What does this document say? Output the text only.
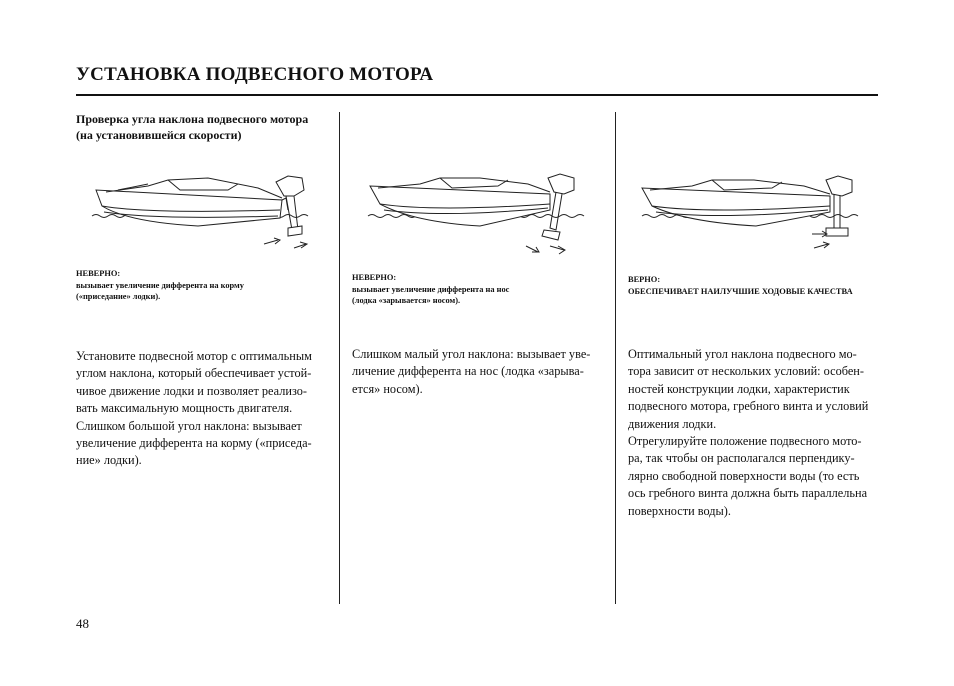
УСТАНОВКА ПОДВЕСНОГО МОТОРА
Проверка угла наклона подвесного мотора
(на установившейся скорости)
НЕВЕРНО:
вызывает увеличение дифферента на корму
(«приседание» лодки).
НЕВЕРНО:
вызывает увеличение дифферента на нос
(лодка «зарывается» носом).
ВЕРНО:
ОБЕСПЕЧИВАЕТ НАИЛУЧШИЕ ХОДОВЫЕ КАЧЕСТВА
Установите подвесной мотор с оптимальным
углом наклона, который обеспечивает устой-
чивое движение лодки и позволяет реализо-
вать максимальную мощность двигателя.
Слишком большой угол наклона: вызывает
увеличение дифферента на корму («приседа-
ние» лодки).
Слишком малый угол наклона: вызывает уве-
личение дифферента на нос (лодка «зарыва-
ется» носом).
Оптимальный угол наклона подвесного мо-
тора зависит от нескольких условий: особен-
ностей конструкции лодки, характеристик
подвесного мотора, гребного винта и условий
движения лодки.
Отрегулируйте положение подвесного мото-
ра, так чтобы он располагался перпендику-
лярно свободной поверхности воды (то есть
ось гребного винта должна быть параллельна
поверхности воды).
48
